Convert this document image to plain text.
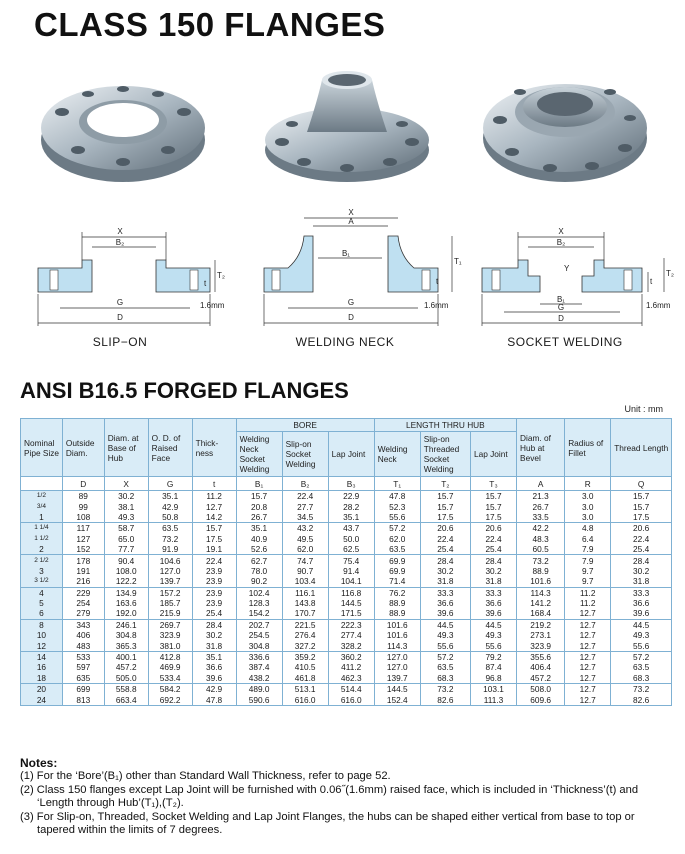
CLASS 150 FLANGES
X
B₂
G
D
T₂
t
1.6mm
X
A
B₁
G
D
T₁
t
1.6mm
X
B₂
Y
B₁
G
D
T₂
t
1.6mm
SLIP−ON	WELDING NECK	SOCKET WELDING
ANSI B16.5 FORGED FLANGES
Unit : mm
Nominal Pipe Size	Outside Diam.	Diam. at Base of Hub	O. D. of Raised Face	Thick- ness	BORE			LENGTH THRU HUB			Diam. of Hub at Bevel	Radius of Fillet	Thread Length
					Welding Neck Socket Welding	Slip-on Socket Welding	Lap Joint	Welding Neck	Slip-on Threaded Socket Welding	Lap Joint			
	D	X	G	t	B₁	B₂	B₃	T₁	T₂	T₃	A	R	Q
1/2	89	30.2	35.1	11.2	15.7	22.4	22.9	47.8	15.7	15.7	21.3	3.0	15.7
3/4	99	38.1	42.9	12.7	20.8	27.7	28.2	52.3	15.7	15.7	26.7	3.0	15.7
1	108	49.3	50.8	14.2	26.7	34.5	35.1	55.6	17.5	17.5	33.5	3.0	17.5
1 1/4	117	58.7	63.5	15.7	35.1	43.2	43.7	57.2	20.6	20.6	42.2	4.8	20.6
1 1/2	127	65.0	73.2	17.5	40.9	49.5	50.0	62.0	22.4	22.4	48.3	6.4	22.4
2	152	77.7	91.9	19.1	52.6	62.0	62.5	63.5	25.4	25.4	60.5	7.9	25.4
2 1/2	178	90.4	104.6	22.4	62.7	74.7	75.4	69.9	28.4	28.4	73.2	7.9	28.4
3	191	108.0	127.0	23.9	78.0	90.7	91.4	69.9	30.2	30.2	88.9	9.7	30.2
3 1/2	216	122.2	139.7	23.9	90.2	103.4	104.1	71.4	31.8	31.8	101.6	9.7	31.8
4	229	134.9	157.2	23.9	102.4	116.1	116.8	76.2	33.3	33.3	114.3	11.2	33.3
5	254	163.6	185.7	23.9	128.3	143.8	144.5	88.9	36.6	36.6	141.2	11.2	36.6
6	279	192.0	215.9	25.4	154.2	170.7	171.5	88.9	39.6	39.6	168.4	12.7	39.6
8	343	246.1	269.7	28.4	202.7	221.5	222.3	101.6	44.5	44.5	219.2	12.7	44.5
10	406	304.8	323.9	30.2	254.5	276.4	277.4	101.6	49.3	49.3	273.1	12.7	49.3
12	483	365.3	381.0	31.8	304.8	327.2	328.2	114.3	55.6	55.6	323.9	12.7	55.6
14	533	400.1	412.8	35.1	336.6	359.2	360.2	127.0	57.2	79.2	355.6	12.7	57.2
16	597	457.2	469.9	36.6	387.4	410.5	411.2	127.0	63.5	87.4	406.4	12.7	63.5
18	635	505.0	533.4	39.6	438.2	461.8	462.3	139.7	68.3	96.8	457.2	12.7	68.3
20	699	558.8	584.2	42.9	489.0	513.1	514.4	144.5	73.2	103.1	508.0	12.7	73.2
24	813	663.4	692.2	47.8	590.6	616.0	616.0	152.4	82.6	111.3	609.6	12.7	82.6
Notes:
(1) For the ‘Bore’(B₁) other than Standard Wall Thickness, refer to page 52.
(2) Class 150 flanges except Lap Joint will be furnished with 0.06˝(1.6mm) raised face, which is included in ‘Thickness’(t) and ‘Length through Hub’(T₁),(T₂).
(3) For Slip-on, Threaded, Socket Welding and Lap Joint Flanges, the hubs can be shaped either vertical from base to top or tapered within the limits of 7 degrees.
